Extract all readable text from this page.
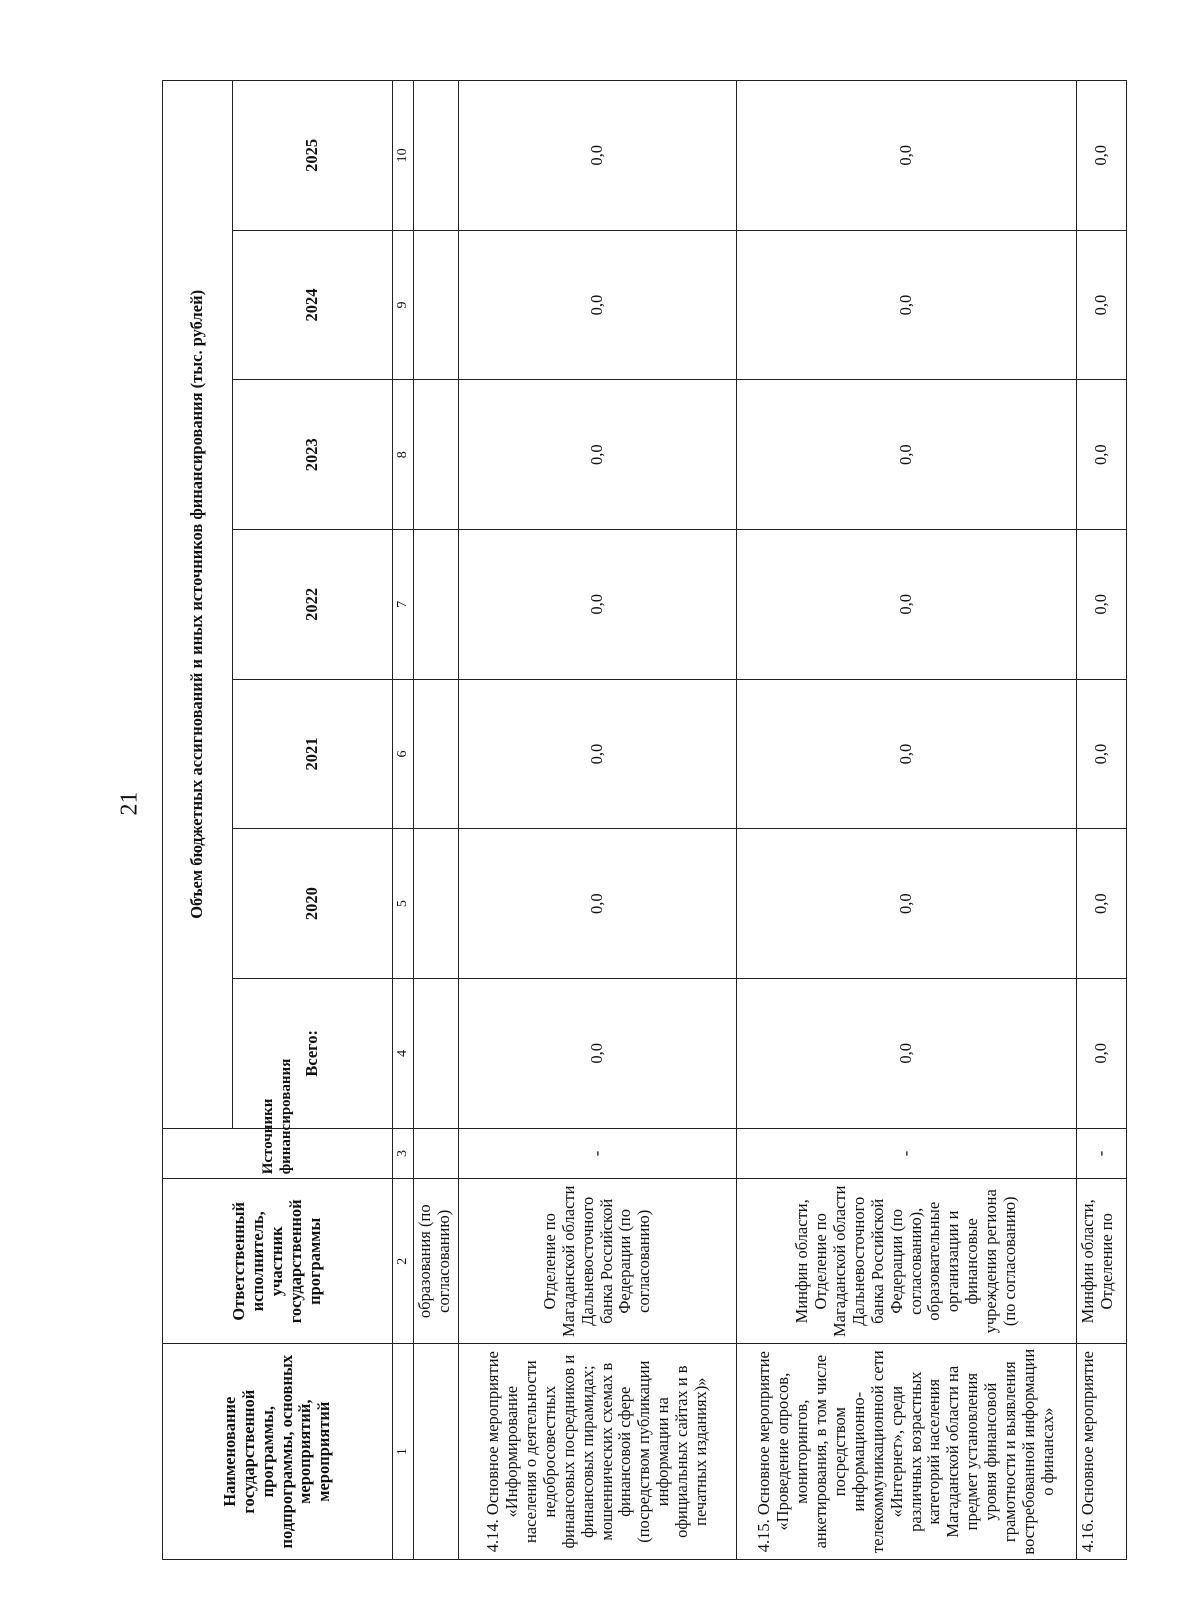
21
Наименование государственной программы, подпрограммы, основных мероприятий, мероприятий	Ответственный исполнитель, участник государственной программы	Источники финансирования	Объем бюджетных ассигнований и иных источников финансирования (тыс. рублей)						
			Всего:	2020	2021	2022	2023	2024	2025
1	2	3	4	5	6	7	8	9	10
	образования (по согласованию)								
4.14. Основное мероприятие «Информирование населения о деятельности недобросовестных финансовых посредников и финансовых пирамидах; мошеннических схемах в финансовой сфере (посредством публикации информации на официальных сайтах и в печатных изданиях)»	Отделение по Магаданской области Дальневосточного банка Российской Федерации (по согласованию)	-	0,0	0,0	0,0	0,0	0,0	0,0	0,0
4.15. Основное мероприятие «Проведение опросов, мониторингов, анкетирования, в том числе посредством информационно-телекоммуникационной сети «Интернет», среди различных возрастных категорий населения Магаданской области на предмет установления уровня финансовой грамотности и выявления востребованной информации о финансах»	Минфин области, Отделение по Магаданской области Дальневосточного банка Российской Федерации (по согласованию), образовательные организации и финансовые учреждения региона (по согласованию)	-	0,0	0,0	0,0	0,0	0,0	0,0	0,0
4.16. Основное мероприятие	Минфин области, Отделение по	-	0,0	0,0	0,0	0,0	0,0	0,0	0,0
